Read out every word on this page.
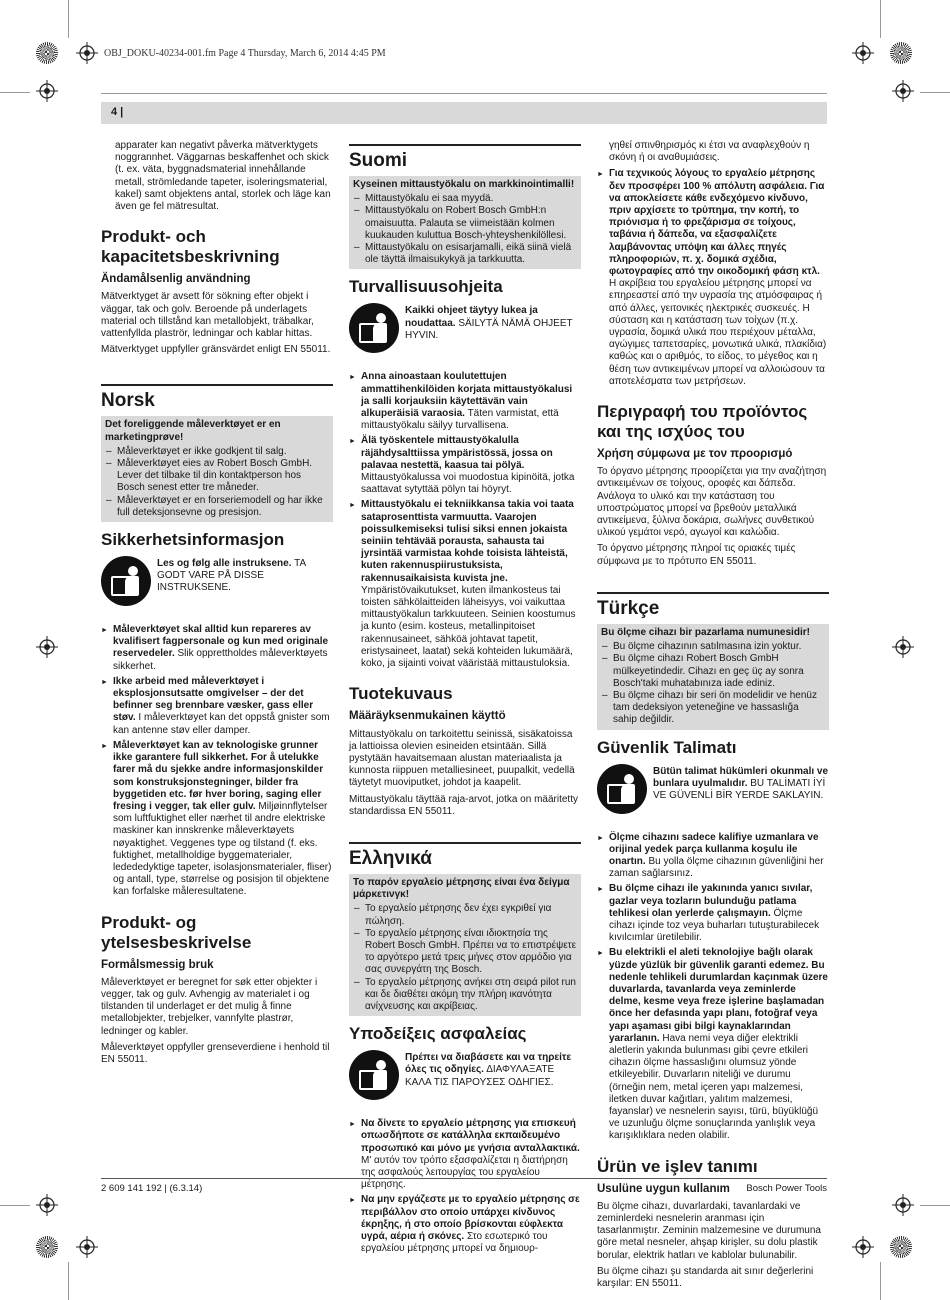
OBJ_DOKU-40234-001.fm Page 4 Thursday, March 6, 2014 4:45 PM
4 |

apparater kan negativt påverka mätverktygets noggrannhet. Väggarnas beskaffenhet och skick (t. ex. väta, byggnadsmaterial innehållande metall, strömledande tapeter, isoleringsmaterial, kakel) samt objektens antal, storlek och läge kan även ge fel mätresultat.

Produkt- och kapacitetsbeskrivning
Ändamålsenlig användning

Mätverktyget är avsett för sökning efter objekt i väggar, tak och golv. Beroende på underlagets material och tillstånd kan metallobjekt, träbalkar, vattenfyllda plaströr, ledningar och kablar hittas.

Mätverktyget uppfyller gränsvärdet enligt EN 55011.

Norsk
Det foreliggende måleverktøyet er en marketingprøve!
– Måleverktøyet er ikke godkjent til salg.
– Måleverktøyet eies av Robert Bosch GmbH. Lever det tilbake til din kontaktperson hos Bosch senest etter tre måneder.
– Måleverktøyet er en forseriemodell og har ikke full deteksjonsevne og presisjon.
Sikkerhetsinformasjon
Les og følg alle instruksene. TA GODT VARE PÅ DISSE INSTRUKSENE.
► Måleverktøyet skal alltid kun repareres av kvalifisert fagpersonale og kun med originale reservedeler. Slik opprettholdes måleverktøyets sikkerhet.
► Ikke arbeid med måleverktøyet i eksplosjonsutsatte omgivelser – der det befinner seg brennbare væsker, gass eller støv. I måleverktøyet kan det oppstå gnister som kan antenne støv eller damper.
► Måleverktøyet kan av teknologiske grunner ikke garantere full sikkerhet. For å utelukke farer må du sjekke andre informasjonskilder som konstruksjonstegninger, bilder fra byggetiden etc. før hver boring, saging eller fresing i vegger, tak eller gulv. Miljøinnflytelser som luftfuktighet eller nærhet til andre elektriske maskiner kan innskrenke måleverktøyets nøyaktighet. Veggenes type og tilstand (f. eks. fuktighet, metallholdige byggematerialer, ledededyktige tapeter, isolasjonsmaterialer, fliser) og antall, type, størrelse og posisjon til objektene kan forfalske måleresultatene.
Produkt- og ytelsesbeskrivelse
Formålsmessig bruk

Måleverktøyet er beregnet for søk etter objekter i vegger, tak og gulv. Avhengig av materialet i og tilstanden til underlaget er det mulig å finne metallobjekter, trebjelker, vannfylte plastrør, ledninger og kabler.

Måleverktøyet oppfyller grenseverdiene i henhold til EN 55011.

Suomi
Kyseinen mittaustyökalu on markkinointimalli!
– Mittaustyökalu ei saa myydä.
– Mittaustyökalu on Robert Bosch GmbH:n omaisuutta. Palauta se viimeistään kolmen kuukauden kuluttua Bosch-yhteyshenkilöllesi.
– Mittaustyökalu on esisarjamalli, eikä siinä vielä ole täyttä ilmaisukykyä ja tarkkuutta.
Turvallisuusohjeita
Kaikki ohjeet täytyy lukea ja noudattaa. SÄILYTÄ NÄMÄ OHJEET HYVIN.
► Anna ainoastaan koulutettujen ammattihenkilöiden korjata mittaustyökalusi ja salli korjauksiin käytettävän vain alkuperäisiä varaosia. Täten varmistat, että mittaustyökalu säilyy turvallisena.
► Älä työskentele mittaustyökalulla räjähdysalttiissa ympäristössä, jossa on palavaa nestettä, kaasua tai pölyä. Mittaustyökalussa voi muodostua kipinöitä, jotka saattavat sytyttää pölyn tai höyryt.
► Mittaustyökalu ei tekniikkansa takia voi taata sataprosenttista varmuutta. Vaarojen poissulkemiseksi tulisi siksi ennen jokaista seiniin tehtävää porausta, sahausta tai jyrsintää varmistaa kohde toisista lähteistä, kuten rakennuspiirustuksista, rakennusaikaisista kuvista jne. Ympäristövaikutukset, kuten ilmankosteus tai toisten sähkölaitteiden läheisyys, voi vaikuttaa mittaustyökalun tarkkuuteen. Seinien koostumus ja kunto (esim. kosteus, metallinpitoiset rakennusaineet, sähköä johtavat tapetit, eristysaineet, laatat) sekä kohteiden lukumäärä, koko, ja sijainti voivat vääristää mittaustuloksia.
Tuotekuvaus
Määräyksenmukainen käyttö

Mittaustyökalu on tarkoitettu seinissä, sisäkatoissa ja lattioissa olevien esineiden etsintään. Sillä pystytään havaitsemaan alustan materiaalista ja kunnosta riippuen metalliesineet, puupalkit, vedellä täytetyt muoviputket, johdot ja kaapelit.

Mittaustyökalu täyttää raja-arvot, jotka on määritetty standardissa EN 55011.

Ελληνικά
Το παρόν εργαλείο μέτρησης είναι ένα δείγμα μάρκετινγκ!
– Το εργαλείο μέτρησης δεν έχει εγκριθεί για πώληση.
– Το εργαλείο μέτρησης είναι ιδιοκτησία της Robert Bosch GmbH. Πρέπει να το επιστρέψετε το αργότερο μετά τρεις μήνες στον αρμόδιο για σας συνεργάτη της Bosch.
– Το εργαλείο μέτρησης ανήκει στη σειρά pilot run και δε διαθέτει ακόμη την πλήρη ικανότητα ανίχνευσης και ακρίβειας.
Υποδείξεις ασφαλείας
Πρέπει να διαβάσετε και να τηρείτε όλες τις οδηγίες. ΔΙΑΦΥΛΑΞΑΤΕ ΚΑΛΑ ΤΙΣ ΠΑΡΟΥΣΕΣ ΟΔΗΓΙΕΣ.
► Να δίνετε το εργαλείο μέτρησης για επισκευή οπωσδήποτε σε κατάλληλα εκπαιδευμένο προσωπικό και μόνο με γνήσια ανταλλακτικά. Μ' αυτόν τον τρόπο εξασφαλίζεται η διατήρηση της ασφαλούς λειτουργίας του εργαλείου μέτρησης.
► Να μην εργάζεστε με το εργαλείο μέτρησης σε περιβάλλον στο οποίο υπάρχει κίνδυνος έκρηξης, ή στο οποίο βρίσκονται εύφλεκτα υγρά, αέρια ή σκόνες. Στο εσωτερικό του εργαλείου μέτρησης μπορεί να δημιουρ-

γηθεί σπινθηρισμός κι έτσι να αναφλεχθούν η σκόνη ή οι αναθυμιάσεις.

► Για τεχνικούς λόγους το εργαλείο μέτρησης δεν προσφέρει 100 % απόλυτη ασφάλεια. Για να αποκλείσετε κάθε ενδεχόμενο κίνδυνο, πριν αρχίσετε το τρύπημα, την κοπή, το πριόνισμα ή το φρεζάρισμα σε τοίχους, ταβάνια ή δάπεδα, να εξασφαλίζετε λαμβάνοντας υπόψη και άλλες πηγές πληροφοριών, π. χ. δομικά σχέδια, φωτογραφίες από την οικοδομική φάση κτλ. Η ακρίβεια του εργαλείου μέτρησης μπορεί να επηρεαστεί από την υγρασία της ατμόσφαιρας ή από άλλες, γειτονικές ηλεκτρικές συσκευές. Η σύσταση και η κατάσταση των τοίχων (π.χ. υγρασία, δομικά υλικά που περιέχουν μέταλλα, αγώγιμες ταπετσαρίες, μονωτικά υλικά, πλακίδια) καθώς και ο αριθμός, το είδος, το μέγεθος και η θέση των αντικειμένων μπορεί να αλλοιώσουν τα αποτελέσματα των μετρήσεων.
Περιγραφή του προϊόντος και της ισχύος του
Χρήση σύμφωνα με τον προορισμό

Το όργανο μέτρησης προορίζεται για την αναζήτηση αντικειμένων σε τοίχους, οροφές και δάπεδα. Ανάλογα το υλικό και την κατάσταση του υποστρώματος μπορεί να βρεθούν μεταλλικά αντικείμενα, ξύλινα δοκάρια, σωλήνες συνθετικού υλικού γεμάτοι νερό, αγωγοί και καλώδια.

Το όργανο μέτρησης πληροί τις οριακές τιμές σύμφωνα με το πρότυπο EN 55011.

Türkçe
Bu ölçme cihazı bir pazarlama numunesidir!
– Bu ölçme cihazının satılmasına izin yoktur.
– Bu ölçme cihazı Robert Bosch GmbH mülkeyetindedir. Cihazı en geç üç ay sonra Bosch'taki muhatabınıza iade ediniz.
– Bu ölçme cihazı bir seri ön modelidir ve henüz tam dedeksiyon yeteneğine ve hassaslığa sahip değildir.
Güvenlik Talimatı
Bütün talimat hükümleri okunmalı ve bunlara uyulmalıdır. BU TALİMATI İYİ VE GÜVENLİ BİR YERDE SAKLAYIN.
► Ölçme cihazını sadece kalifiye uzmanlara ve orijinal yedek parça kullanma koşulu ile onartın. Bu yolla ölçme cihazının güvenliğini her zaman sağlarsınız.
► Bu ölçme cihazı ile yakınında yanıcı sıvılar, gazlar veya tozların bulunduğu patlama tehlikesi olan yerlerde çalışmayın. Ölçme cihazı içinde toz veya buharları tutuşturabilecek kıvılcımlar üretilebilir.
► Bu elektrikli el aleti teknolojiye bağlı olarak yüzde yüzlük bir güvenlik garanti edemez. Bu nedenle tehlikeli durumlardan kaçınmak üzere duvarlarda, tavanlarda veya zeminlerde delme, kesme veya freze işlerine başlamadan önce her defasında yapı planı, fotoğraf veya yapı aşaması gibi bilgi kaynaklarından yararlanın. Hava nemi veya diğer elektrikli aletlerin yakında bulunması gibi çevre etkileri cihazın ölçme hassaslığını olumsuz yönde etkileyebilir. Duvarların niteliği ve durumu (örneğin nem, metal içeren yapı malzemesi, iletken duvar kağıtları, yalıtım malzemesi, fayanslar) ve nesnelerin sayısı, türü, büyüklüğü ve uzunluğu ölçme sonuçlarında yanlışlık veya karışıklıklara neden olabilir.
Ürün ve işlev tanımı
Usulüne uygun kullanım

Bu ölçme cihazı, duvarlardaki, tavanlardaki ve zeminlerdeki nesnelerin aranması için tasarlanmıştır. Zeminin malzemesine ve durumuna göre metal nesneler, ahşap kirişler, su dolu plastik borular, elektrik hatları ve kablolar bulunabilir.

Bu ölçme cihazı şu standarda ait sınır değerlerini karşılar: EN 55011.

2 609 141 192 | (6.3.14)	Bosch Power Tools
